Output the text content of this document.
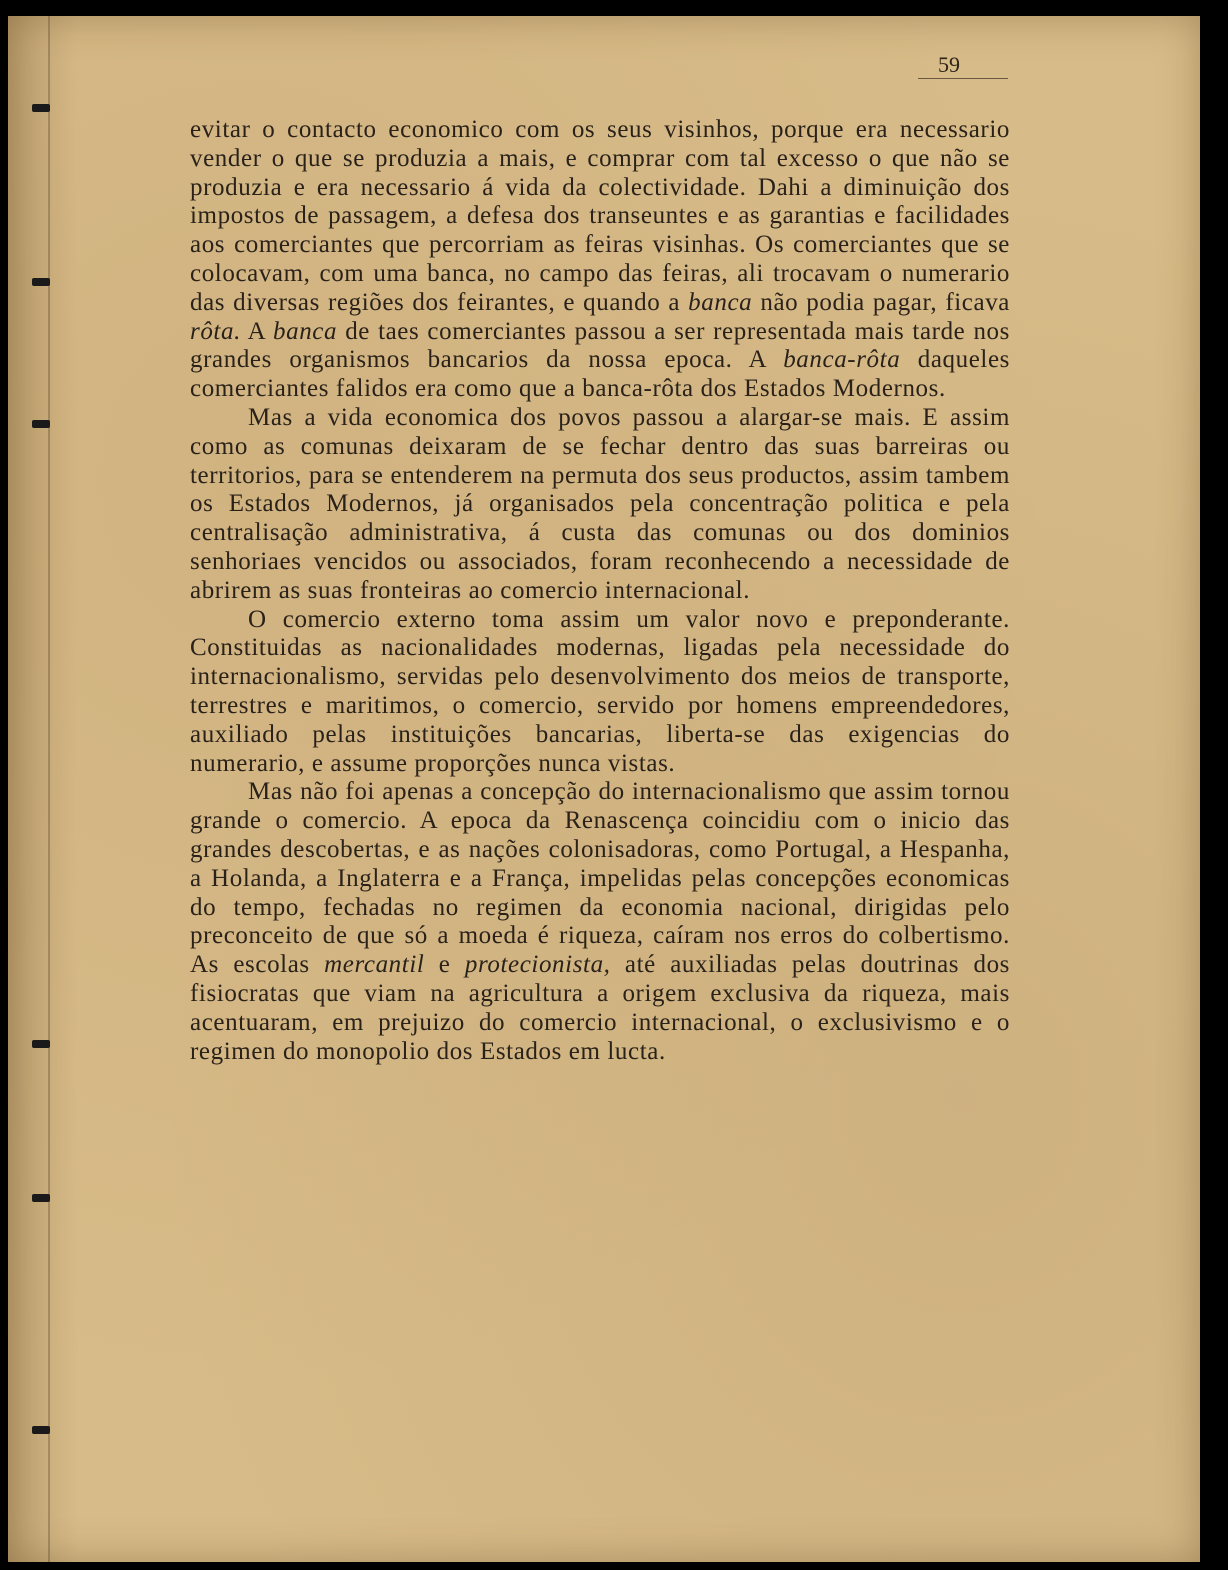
59

evitar o contacto economico com os seus visinhos, porque era necessario vender o que se produzia a mais, e comprar com tal excesso o que não se produzia e era necessario á vida da colectividade. Dahi a diminuição dos impostos de passagem, a defesa dos transeuntes e as garantias e facilidades aos comerciantes que percorriam as feiras visinhas. Os comerciantes que se colocavam, com uma banca, no campo das feiras, ali trocavam o numerario das diversas regiões dos feirantes, e quando a banca não podia pagar, ficava rôta. A banca de taes comerciantes passou a ser representada mais tarde nos grandes organismos bancarios da nossa epoca. A banca-rôta daqueles comerciantes falidos era como que a banca-rôta dos Estados Modernos.

Mas a vida economica dos povos passou a alargar-se mais. E assim como as comunas deixaram de se fechar dentro das suas barreiras ou territorios, para se entenderem na permuta dos seus productos, assim tambem os Estados Modernos, já organisados pela concentração politica e pela centralisação administrativa, á custa das comunas ou dos dominios senhoriaes vencidos ou associados, foram reconhecendo a necessidade de abrirem as suas fronteiras ao comercio internacional.

O comercio externo toma assim um valor novo e preponderante. Constituidas as nacionalidades modernas, ligadas pela necessidade do internacionalismo, servidas pelo desenvolvimento dos meios de transporte, terrestres e maritimos, o comercio, servido por homens empreendedores, auxiliado pelas instituições bancarias, liberta-se das exigencias do numerario, e assume proporções nunca vistas.

Mas não foi apenas a concepção do internacionalismo que assim tornou grande o comercio. A epoca da Renascença coincidiu com o inicio das grandes descobertas, e as nações colonisadoras, como Portugal, a Hespanha, a Holanda, a Inglaterra e a França, impelidas pelas concepções economicas do tempo, fechadas no regimen da economia nacional, dirigidas pelo preconceito de que só a moeda é riqueza, caíram nos erros do colbertismo. As escolas mercantil e protecionista, até auxiliadas pelas doutrinas dos fisiocratas que viam na agricultura a origem exclusiva da riqueza, mais acentuaram, em prejuizo do comercio internacional, o exclusivismo e o regimen do monopolio dos Estados em lucta.
